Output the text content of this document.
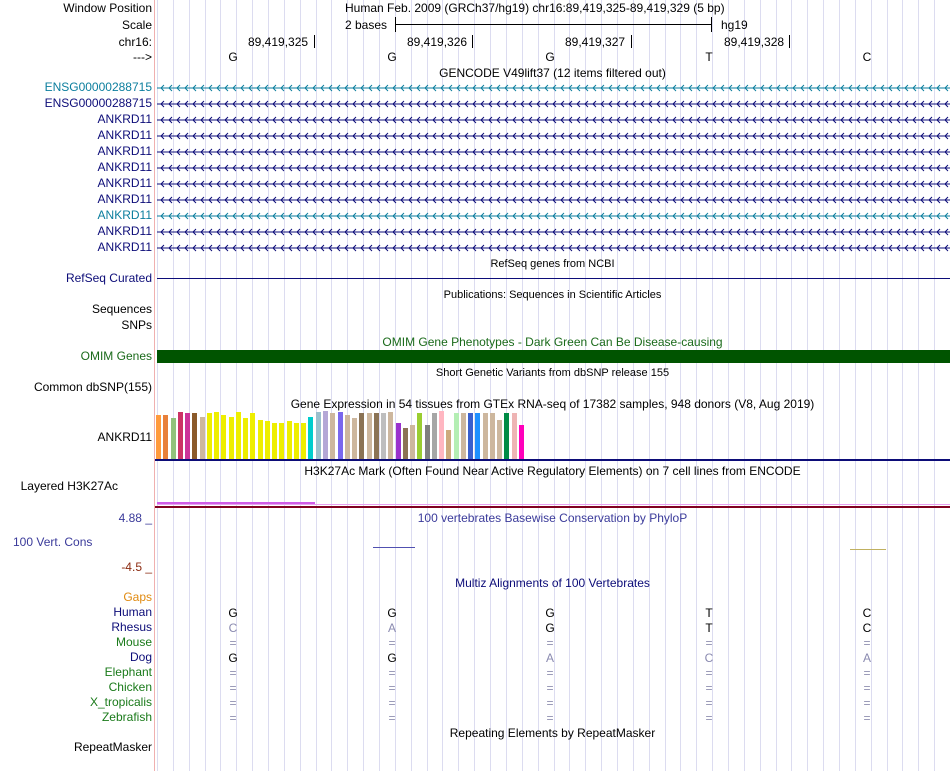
Window Position	Human Feb. 2009 (GRCh37/hg19) chr16:89,419,325-89,419,329 (5 bp)
Scale	2 bases	hg19
chr16:	89,419,325	89,419,326	89,419,327	89,419,328
--->	G	G	G	T	C
GENCODE V49lift37 (12 items filtered out)
ENSG00000288715
ENSG00000288715
ANKRD11
ANKRD11
ANKRD11
ANKRD11
ANKRD11
ANKRD11
ANKRD11
ANKRD11
ANKRD11
RefSeq genes from NCBI
RefSeq Curated
Publications: Sequences in Scientific Articles
Sequences
SNPs
OMIM Gene Phenotypes - Dark Green Can Be Disease-causing
OMIM Genes
Short Genetic Variants from dbSNP release 155
Common dbSNP(155)
Gene Expression in 54 tissues from GTEx RNA-seq of 17382 samples, 948 donors (V8, Aug 2019)
ANKRD11
H3K27Ac Mark (Often Found Near Active Regulatory Elements) on 7 cell lines from ENCODE
Layered H3K27Ac
100 vertebrates Basewise Conservation by PhyloP
4.88 _
100 Vert. Cons
-4.5 _
Multiz Alignments of 100 Vertebrates
Gaps
Human	G	G	G	T	C
Rhesus	C	A	G	T	C
Mouse	=	=	=	=	=
Dog	G	G	A	C	A
Elephant	=	=	=	=	=
Chicken	=	=	=	=	=
X_tropicalis	=	=	=	=	=
Zebrafish	=	=	=	=	=
Repeating Elements by RepeatMasker
RepeatMasker
